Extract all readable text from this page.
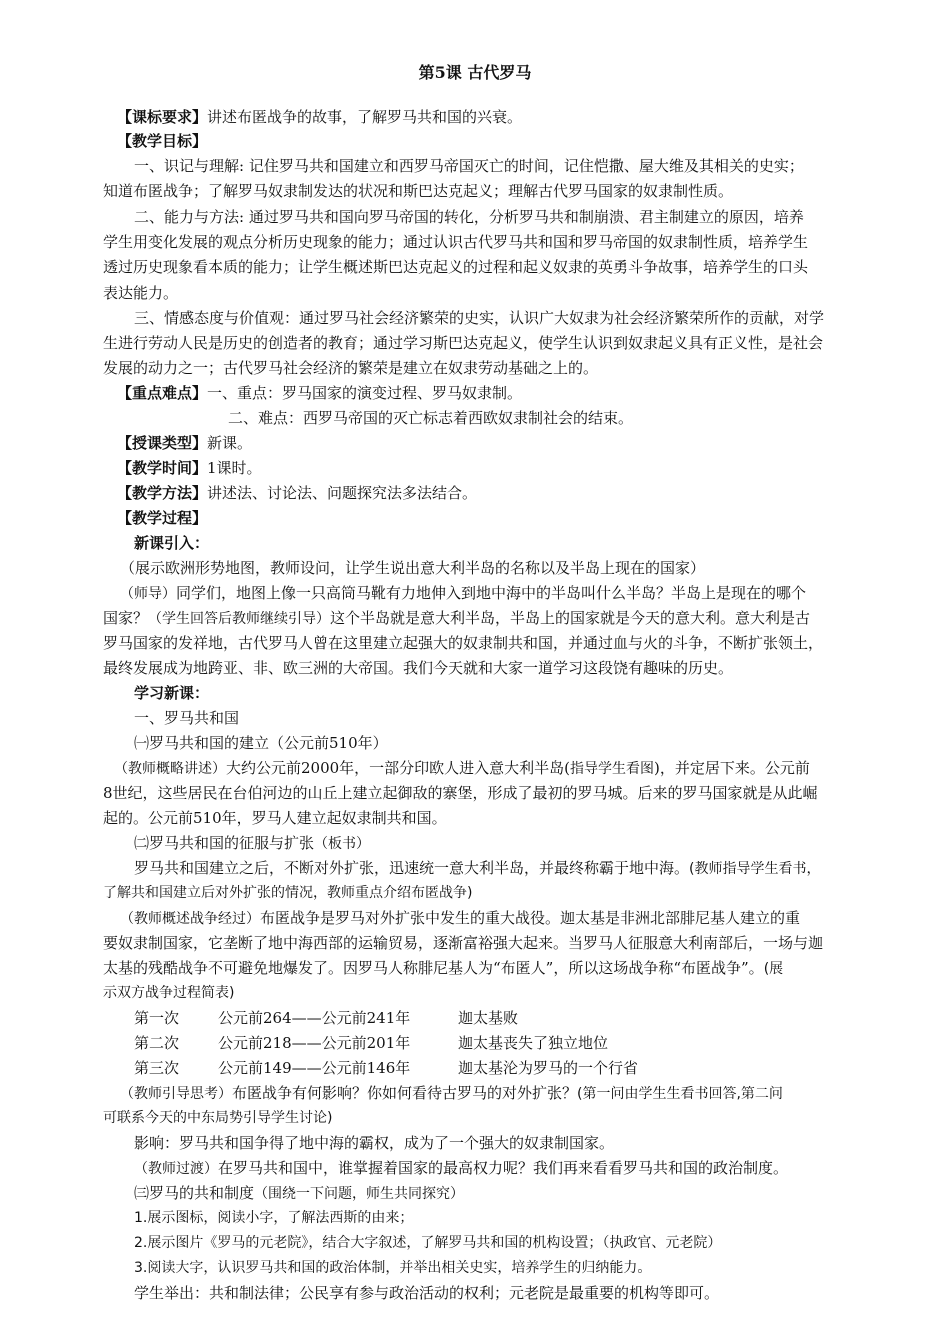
第5课 古代罗马
【课标要求】讲述布匿战争的故事，了解罗马共和国的兴衰。
【教学目标】
一、识记与理解: 记住罗马共和国建立和西罗马帝国灭亡的时间，记住恺撒、屋大维及其相关的史实；
知道布匿战争；了解罗马奴隶制发达的状况和斯巴达克起义；理解古代罗马国家的奴隶制性质。
二、能力与方法: 通过罗马共和国向罗马帝国的转化，分析罗马共和制崩溃、君主制建立的原因，培养
学生用变化发展的观点分析历史现象的能力；通过认识古代罗马共和国和罗马帝国的奴隶制性质，培养学生
透过历史现象看本质的能力；让学生概述斯巴达克起义的过程和起义奴隶的英勇斗争故事，培养学生的口头
表达能力。
三、情感态度与价值观：通过罗马社会经济繁荣的史实，认识广大奴隶为社会经济繁荣所作的贡献，对学
生进行劳动人民是历史的创造者的教育；通过学习斯巴达克起义，使学生认识到奴隶起义具有正义性，是社会
发展的动力之一；古代罗马社会经济的繁荣是建立在奴隶劳动基础之上的。
【重点难点】一、重点：罗马国家的演变过程、罗马奴隶制。
二、难点：西罗马帝国的灭亡标志着西欧奴隶制社会的结束。
【授课类型】新课。
【教学时间】1课时。
【教学方法】讲述法、讨论法、问题探究法多法结合。
【教学过程】
新课引入：
（展示欧洲形势地图，教师设问，让学生说出意大利半岛的名称以及半岛上现在的国家）
（师导）同学们，地图上像一只高筒马靴有力地伸入到地中海中的半岛叫什么半岛？半岛上是现在的哪个
国家？（学生回答后教师继续引导）这个半岛就是意大利半岛，半岛上的国家就是今天的意大利。意大利是古
罗马国家的发祥地，古代罗马人曾在这里建立起强大的奴隶制共和国，并通过血与火的斗争，不断扩张领土，
最终发展成为地跨亚、非、欧三洲的大帝国。我们今天就和大家一道学习这段饶有趣味的历史。
学习新课：
一、罗马共和国
㈠罗马共和国的建立（公元前510年）
（教师概略讲述）大约公元前2000年，一部分印欧人进入意大利半岛(指导学生看图)，并定居下来。公元前
8世纪，这些居民在台伯河边的山丘上建立起御敌的寨堡，形成了最初的罗马城。后来的罗马国家就是从此崛
起的。公元前510年，罗马人建立起奴隶制共和国。
㈡罗马共和国的征服与扩张（板书）
罗马共和国建立之后，不断对外扩张，迅速统一意大利半岛，并最终称霸于地中海。(教师指导学生看书，
了解共和国建立后对外扩张的情况，教师重点介绍布匿战争)
（教师概述战争经过）布匿战争是罗马对外扩张中发生的重大战役。迦太基是非洲北部腓尼基人建立的重
要奴隶制国家，它垄断了地中海西部的运输贸易，逐渐富裕强大起来。当罗马人征服意大利南部后，一场与迦
太基的残酷战争不可避免地爆发了。因罗马人称腓尼基人为“布匿人”，所以这场战争称“布匿战争”。(展
示双方战争过程简表)
第一次	公元前264——公元前241年	迦太基败
第二次	公元前218——公元前201年	迦太基丧失了独立地位
第三次	公元前149——公元前146年	迦太基沦为罗马的一个行省
（教师引导思考）布匿战争有何影响？你如何看待古罗马的对外扩张？(第一问由学生生看书回答,第二问
可联系今天的中东局势引导学生讨论)
影响：罗马共和国争得了地中海的霸权，成为了一个强大的奴隶制国家。
（教师过渡）在罗马共和国中，谁掌握着国家的最高权力呢？我们再来看看罗马共和国的政治制度。
㈢罗马的共和制度（围绕一下问题，师生共同探究）
1.展示图标，阅读小字，了解法西斯的由来；
2.展示图片《罗马的元老院》，结合大字叙述，了解罗马共和国的机构设置；（执政官、元老院）
3.阅读大字，认识罗马共和国的政治体制，并举出相关史实，培养学生的归纳能力。
学生举出：共和制法律；公民享有参与政治活动的权利；元老院是最重要的机构等即可。
